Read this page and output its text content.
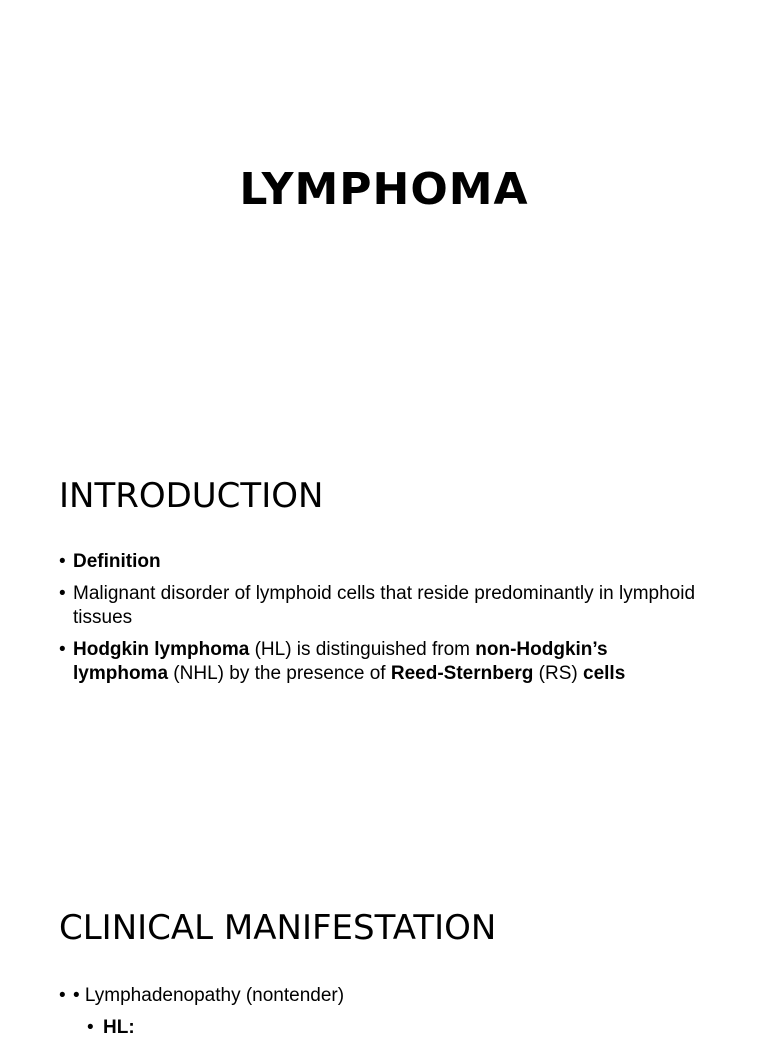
LYMPHOMA
INTRODUCTION
• Definition
• Malignant disorder of lymphoid cells that reside predominantly in lymphoid tissues
• Hodgkin lymphoma (HL) is distinguished from non-Hodgkin’s lymphoma (NHL) by the presence of Reed-Sternberg (RS) cells
CLINICAL MANIFESTATION
• • Lymphadenopathy (nontender)
• HL:
